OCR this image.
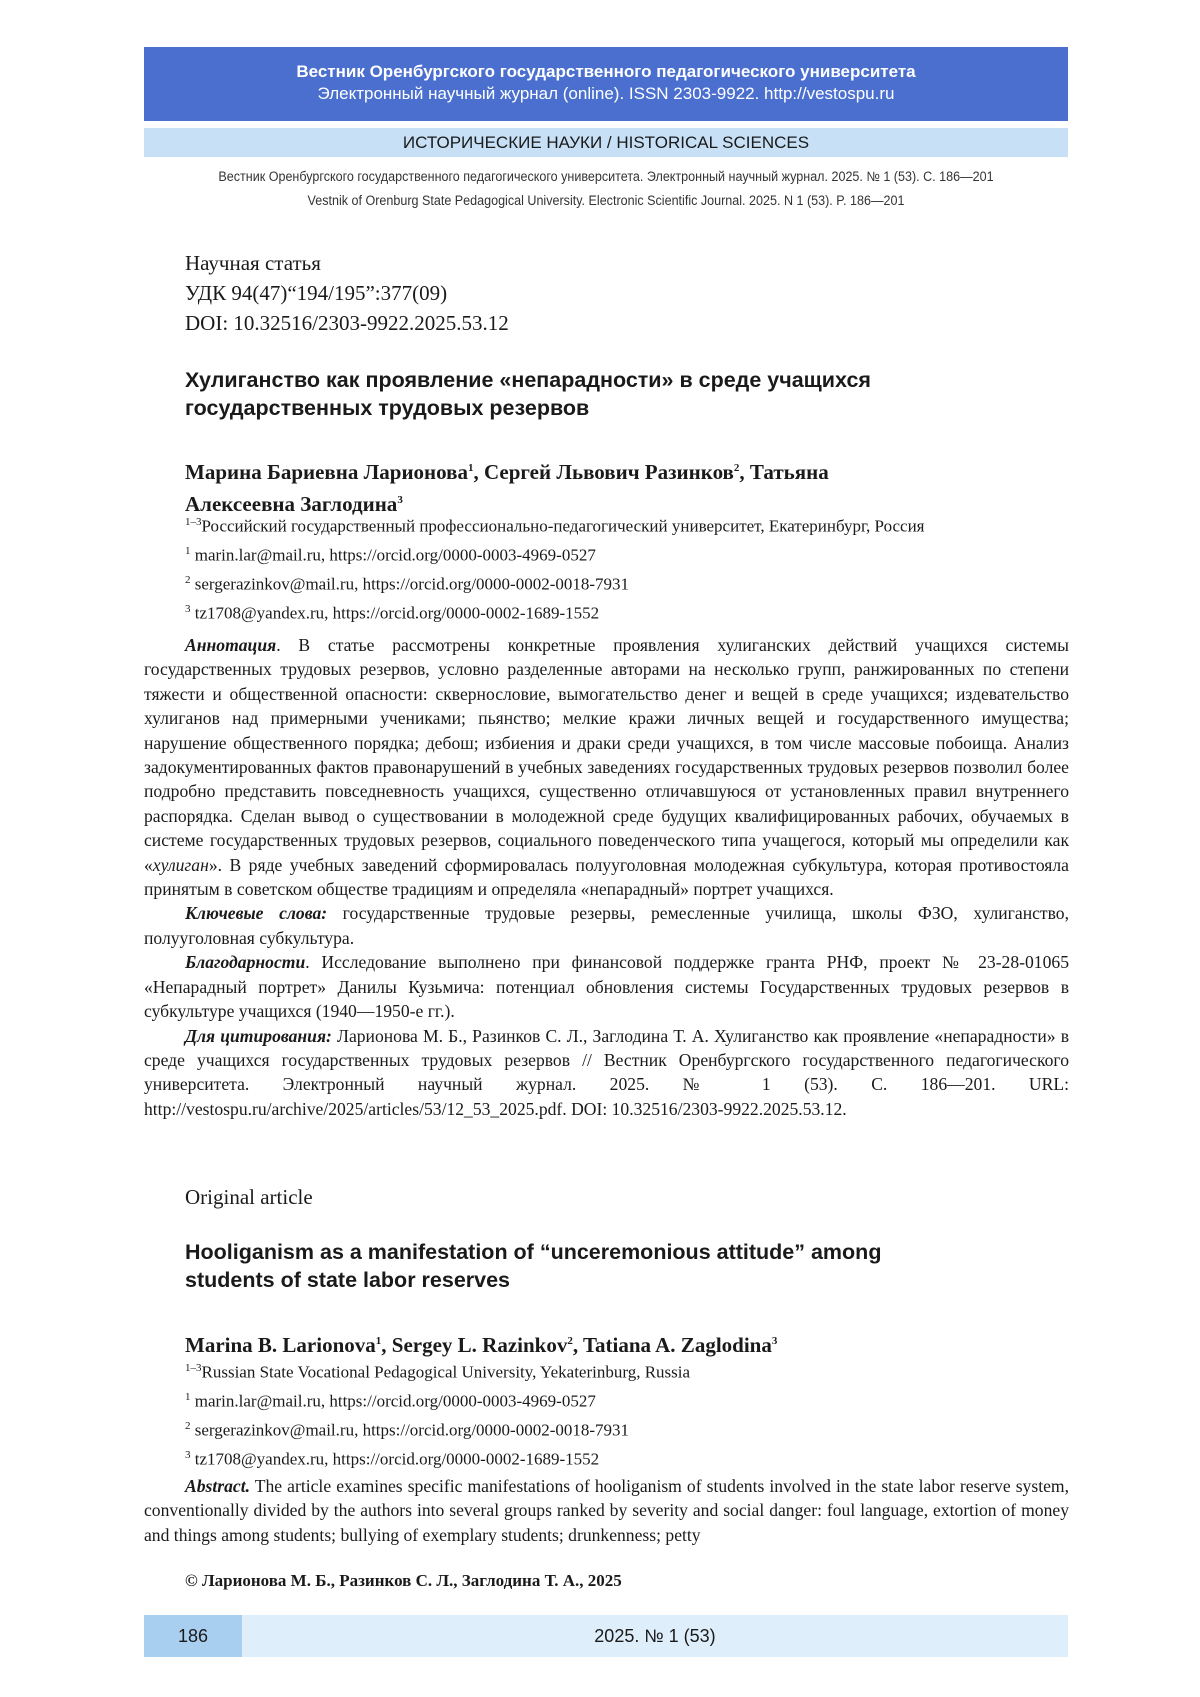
Вестник Оренбургского государственного педагогического университета
Электронный научный журнал (online). ISSN 2303-9922. http://vestospu.ru
ИСТОРИЧЕСКИЕ НАУКИ / HISTORICAL SCIENCES
Вестник Оренбургского государственного педагогического университета. Электронный научный журнал. 2025. № 1 (53). С. 186—201
Vestnik of Orenburg State Pedagogical University. Electronic Scientific Journal. 2025. N 1 (53). P. 186—201
Научная статья
УДК 94(47)“194/195”:377(09)
DOI: 10.32516/2303-9922.2025.53.12
Хулиганство как проявление «непарадности» в среде учащихся
государственных трудовых резервов
Марина Бариевна Ларионова$^1$, Сергей Львович Разинков$^2$, Татьяна
Алексеевна Заглодина$^3$
$^{1-3}$Российский государственный профессионально-педагогический университет, Екатеринбург, Россия
$^1$ marin.lar@mail.ru, https://orcid.org/0000-0003-4969-0527
$^2$ sergerazinkov@mail.ru, https://orcid.org/0000-0002-0018-7931
$^3$ tz1708@yandex.ru, https://orcid.org/0000-0002-1689-1552

Аннотация. В статье рассмотрены конкретные проявления хулиганских действий учащихся системы государственных трудовых резервов, условно разделенные авторами на несколько групп, ранжированных по степени тяжести и общественной опасности: сквернословие, вымогательство денег и вещей в среде учащихся; издевательство хулиганов над примерными учениками; пьянство; мелкие кражи личных вещей и государственного имущества; нарушение общественного порядка; дебош; избиения и драки среди учащихся, в том числе массовые побоища. Анализ задокументированных фактов правонарушений в учебных заведениях государственных трудовых резервов позволил более подробно представить повседневность учащихся, существенно отличавшуюся от установленных правил внутреннего распорядка. Сделан вывод о существовании в молодежной среде будущих квалифицированных рабочих, обучаемых в системе государственных трудовых резервов, социального поведенческого типа учащегося, который мы определили как «хулиган». В ряде учебных заведений сформировалась полууголовная молодежная субкультура, которая противостояла принятым в советском обществе традициям и определяла «непарадный» портрет учащихся.

Ключевые слова: государственные трудовые резервы, ремесленные училища, школы ФЗО, хулиганство, полууголовная субкультура.

Благодарности. Исследование выполнено при финансовой поддержке гранта РНФ, проект № 23-28-01065 «Непарадный портрет» Данилы Кузьмича: потенциал обновления системы Государственных трудовых резервов в субкультуре учащихся (1940—1950-е гг.).

Для цитирования: Ларионова М. Б., Разинков С. Л., Заглодина Т. А. Хулиганство как проявление «непарадности» в среде учащихся государственных трудовых резервов // Вестник Оренбургского государственного педагогического университета. Электронный научный журнал. 2025. № 1 (53). С. 186—201. URL: http://vestospu.ru/archive/2025/articles/53/12_53_2025.pdf. DOI: 10.32516/2303-9922.2025.53.12.

Original article
Hooliganism as a manifestation of “unceremonious attitude” among
students of state labor reserves
Marina B. Larionova$^1$, Sergey L. Razinkov$^2$, Tatiana A. Zaglodina$^3$
$^{1-3}$Russian State Vocational Pedagogical University, Yekaterinburg, Russia
$^1$ marin.lar@mail.ru, https://orcid.org/0000-0003-4969-0527
$^2$ sergerazinkov@mail.ru, https://orcid.org/0000-0002-0018-7931
$^3$ tz1708@yandex.ru, https://orcid.org/0000-0002-1689-1552

Abstract. The article examines specific manifestations of hooliganism of students involved in the state labor reserve system, conventionally divided by the authors into several groups ranked by severity and social danger: foul language, extortion of money and things among students; bullying of exemplary students; drunkenness; petty

© Ларионова М. Б., Разинков С. Л., Заглодина Т. А., 2025
186	2025. № 1 (53)
